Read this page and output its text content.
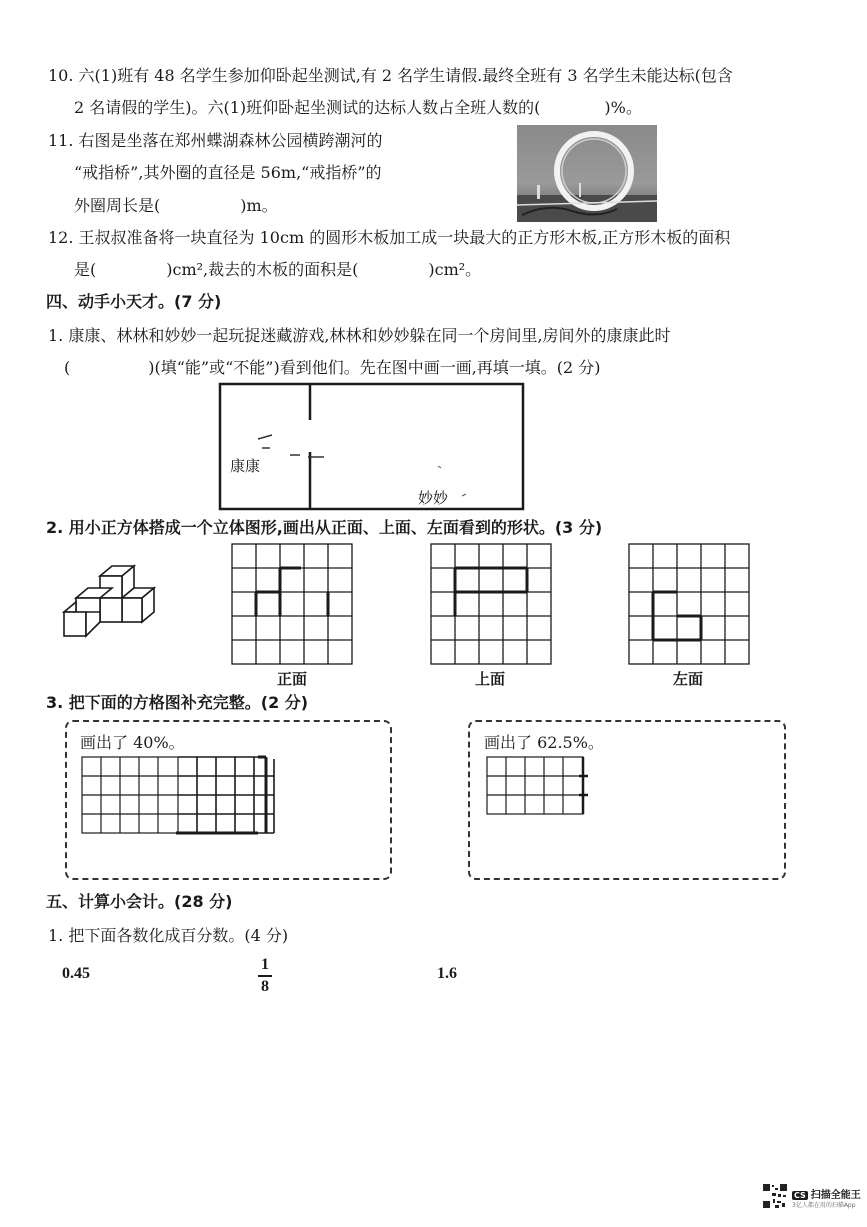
10. 六(1)班有 48 名学生参加仰卧起坐测试,有 2 名学生请假.最终全班有 3 名学生未能达标(包含
2 名请假的学生)。六(1)班仰卧起坐测试的达标人数占全班人数的(	)%。
11. 右图是坐落在郑州蝶湖森林公园横跨潮河的
“戒指桥”,其外圈的直径是 56m,“戒指桥”的
外圈周长是(	)m。
12. 王叔叔准备将一块直径为 10cm 的圆形木板加工成一块最大的正方形木板,正方形木板的面积
是(	)cm²,裁去的木板的面积是(	)cm²。
四、动手小天才。(7 分)
1. 康康、林林和妙妙一起玩捉迷藏游戏,林林和妙妙躲在同一个房间里,房间外的康康此时
(	)(填“能”或“不能”)看到他们。先在图中画一画,再填一填。(2 分)
康康
妙妙
2. 用小正方体搭成一个立体图形,画出从正面、上面、左面看到的形状。(3 分)
正面	上面	左面
3. 把下面的方格图补充完整。(2 分)
画出了 40%。	画出了 62.5%。
五、计算小会计。(28 分)
1. 把下面各数化成百分数。(4 分)
0.45
1
8
1.6
CS 扫描全能王
3亿人都在用的扫描App
